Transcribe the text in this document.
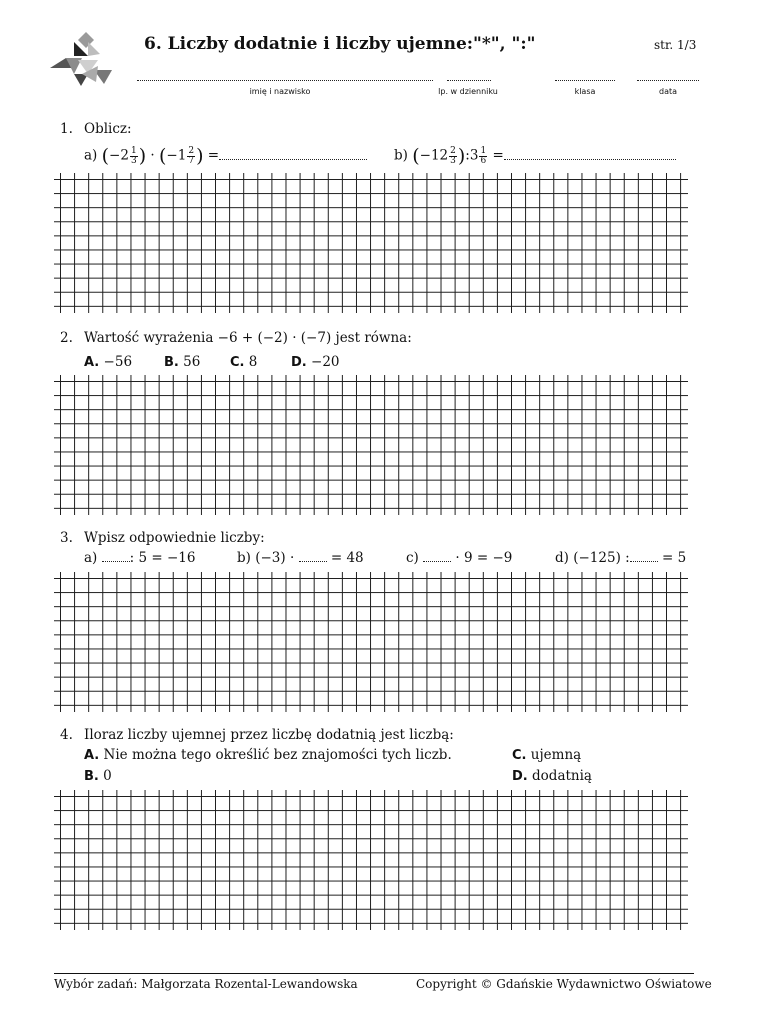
6. Liczby dodatnie i liczby ujemne:"*", ":"	str. 1/3
imię i nazwisko	lp. w dzienniku	klasa	data
1. Oblicz:
a) ($-2 \frac{1}{3}$ ) · ($-1 \frac{2}{7}$ ) =	b) ($-12 \frac{2}{3}$ ):3 $\frac{1}{6}$ =
2. Wartość wyrażenia −6 + (−2) · (−7) jest równa:
A. −56 B. 56 C. 8	D. −20
3. Wpisz odpowiednie liczby:
a) : 5 = −16	b) (−3) ·	= 48	c)	· 9 = −9	d) (−125) : = 5
4. Iloraz liczby ujemnej przez liczbę dodatnią jest liczbą:
A. Nie można tego określić bez znajomości tych liczb.	C. ujemną
B. 0	D. dodatnią
Wybór zadań: Małgorzata Rozental-Lewandowska	Copyright © Gdańskie Wydawnictwo Oświatowe
